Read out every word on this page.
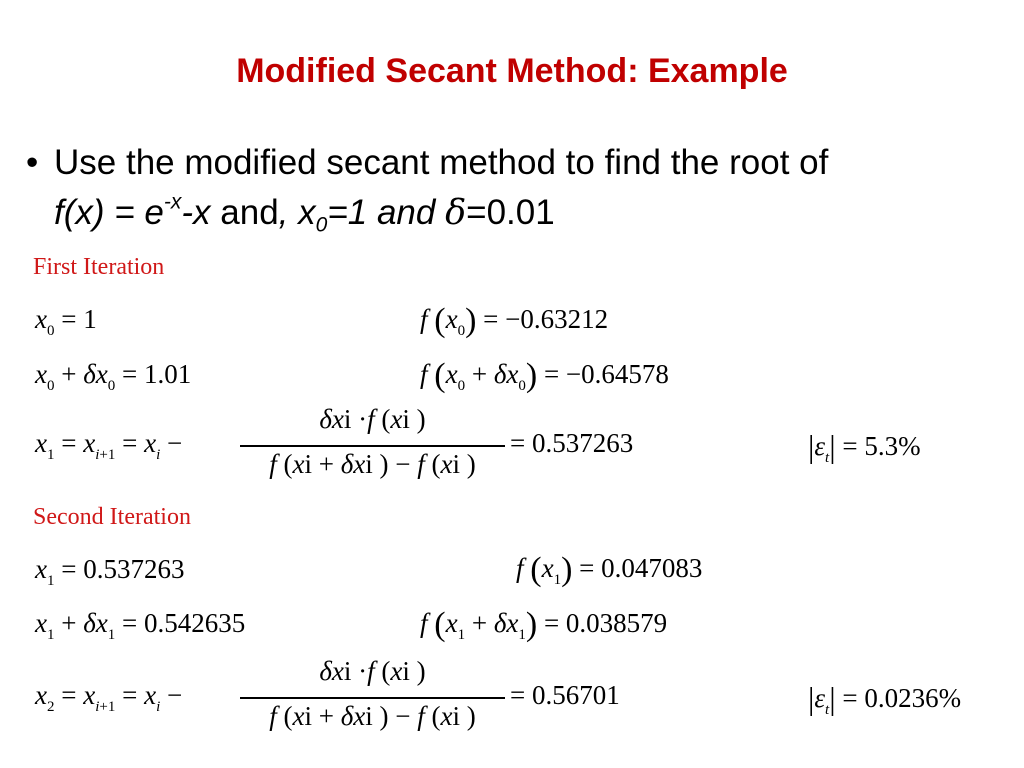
Modified Secant Method: Example
• Use the modified secant method to find the root of
$f(x) = e^{-x}-x$ and, $x_0=1$ and δ=0.01
First Iteration
$x_0 = 1$	f $(x_0) = -0.63212$
$x_0 + \delta x_0 = 1.01$	f $(x_0 + \delta x_0) = -0.64578$
$x_1 = x_{i+1} = x_i$ −
δxi ·f (xi )
f (xi + δxi ) − f (xi )
= 0.537263	$|\varepsilon_t| = 5.3\%$
Second Iteration
$x_1 = 0.537263$	f $(x_1) = 0.047083$
$x_1 + \delta x_1 = 0.542635$	f $(x_1 + \delta x_1) = 0.038579$
$x_2 = x_{i+1} = x_i$ −
δxi ·f (xi )
f (xi + δxi ) − f (xi )
= 0.56701	$|\varepsilon_t| = 0.0236\%$
